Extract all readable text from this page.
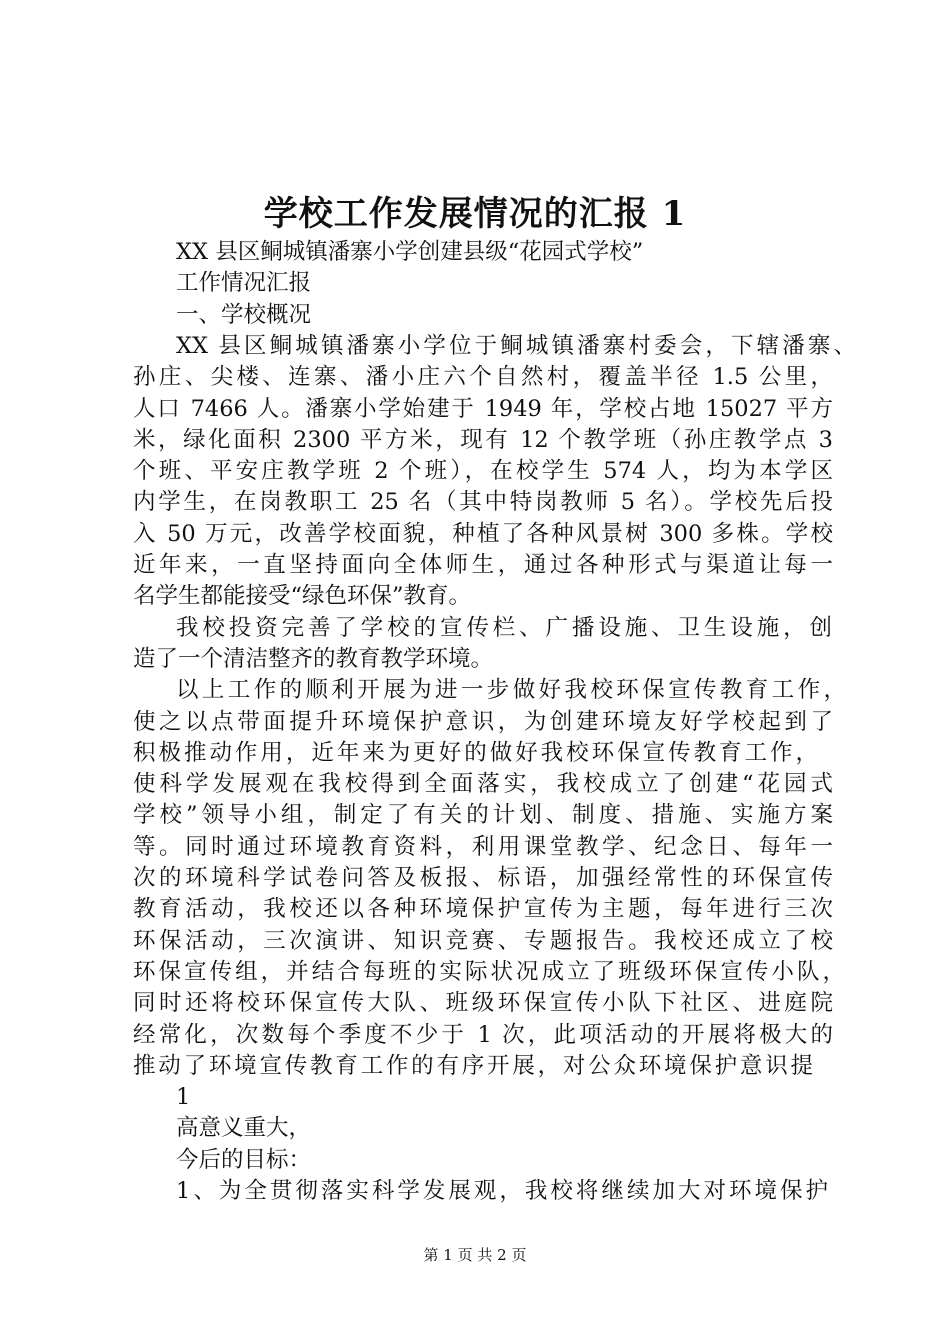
学校工作发展情况的汇报 1
XX 县区鲖城镇潘寨小学创建县级“花园式学校”
工作情况汇报
一、学校概况
XX 县区鲖城镇潘寨小学位于鲖城镇潘寨村委会，下辖潘寨、
孙庄、尖楼、连寨、潘小庄六个自然村，覆盖半径 1.5 公里，
人口 7466 人。潘寨小学始建于 1949 年，学校占地 15027 平方
米，绿化面积 2300 平方米，现有 12 个教学班（孙庄教学点 3
个班、平安庄教学班 2 个班），在校学生 574 人，均为本学区
内学生，在岗教职工 25 名（其中特岗教师 5 名）。学校先后投
入 50 万元，改善学校面貌，种植了各种风景树 300 多株。学校
近年来，一直坚持面向全体师生，通过各种形式与渠道让每一
名学生都能接受“绿色环保”教育。
我校投资完善了学校的宣传栏、广播设施、卫生设施，创
造了一个清洁整齐的教育教学环境。
以上工作的顺利开展为进一步做好我校环保宣传教育工作，
使之以点带面提升环境保护意识，为创建环境友好学校起到了
积极推动作用，近年来为更好的做好我校环保宣传教育工作，
使科学发展观在我校得到全面落实，我校成立了创建“花园式
学校”领导小组，制定了有关的计划、制度、措施、实施方案
等。同时通过环境教育资料，利用课堂教学、纪念日、每年一
次的环境科学试卷问答及板报、标语，加强经常性的环保宣传
教育活动，我校还以各种环境保护宣传为主题，每年进行三次
环保活动，三次演讲、知识竞赛、专题报告。我校还成立了校
环保宣传组，并结合每班的实际状况成立了班级环保宣传小队，
同时还将校环保宣传大队、班级环保宣传小队下社区、进庭院
经常化，次数每个季度不少于 1 次，此项活动的开展将极大的
推动了环境宣传教育工作的有序开展，对公众环境保护意识提
1
高意义重大，
今后的目标：
1、为全贯彻落实科学发展观，我校将继续加大对环境保护
第 1 页 共 2 页
